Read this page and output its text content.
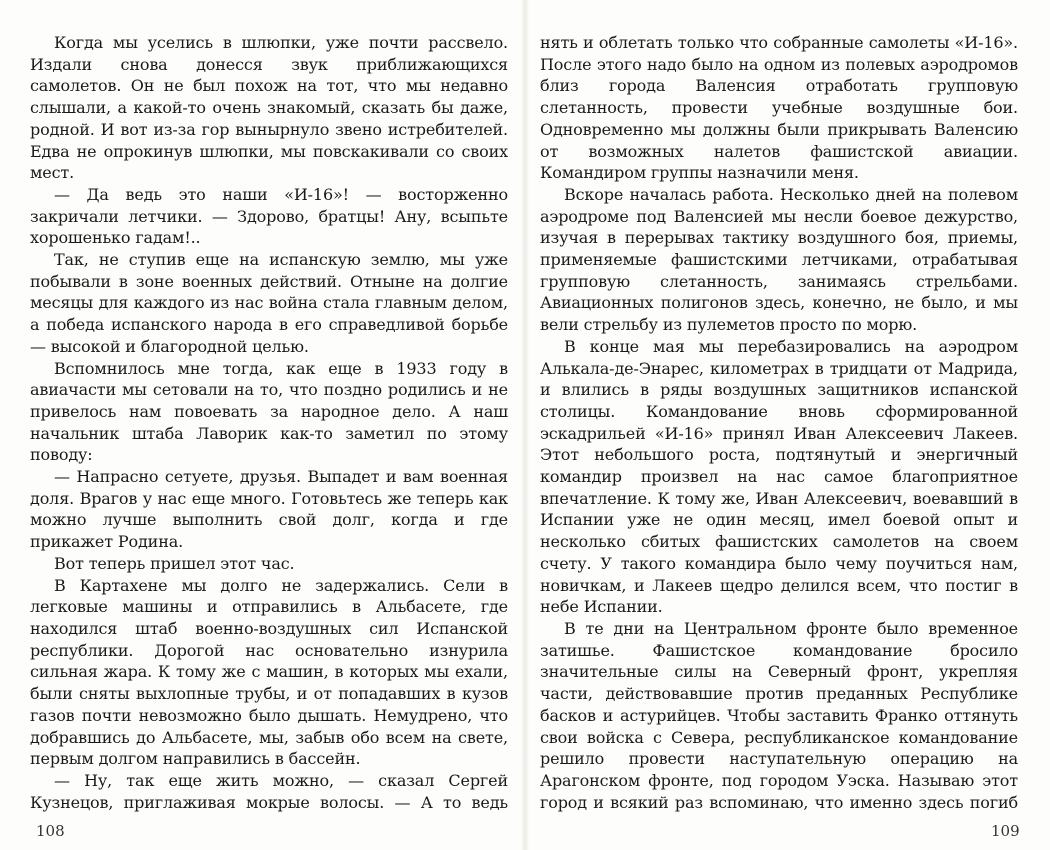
Когда мы уселись в шлюпки, уже почти рассвело. Издали снова донесся звук приближающихся самолетов. Он не был похож на тот, что мы недавно слышали, а какой-то очень знакомый, сказать бы даже, родной. И вот из-за гор вынырнуло звено истребителей. Едва не опрокинув шлюпки, мы повскакивали со своих мест.

— Да ведь это наши «И-16»! — восторженно закричали летчики. — Здорово, братцы! Ану, всыпьте хорошенько гадам!..

Так, не ступив еще на испанскую землю, мы уже побывали в зоне военных действий. Отныне на долгие месяцы для каждого из нас война стала главным делом, а победа испанского народа в его справедливой борьбе — высокой и благородной целью.

Вспомнилось мне тогда, как еще в 1933 году в авиачасти мы сетовали на то, что поздно родились и не привелось нам повоевать за народное дело. А наш начальник штаба Лаворик как-то заметил по этому поводу:

— Напрасно сетуете, друзья. Выпадет и вам военная доля. Врагов у нас еще много. Готовьтесь же теперь как можно лучше выполнить свой долг, когда и где прикажет Родина.

Вот теперь пришел этот час.

В Картахене мы долго не задержались. Сели в легковые машины и отправились в Альбасете, где находился штаб военно-воздушных сил Испанской республики. Дорогой нас основательно изнурила сильная жара. К тому же с машин, в которых мы ехали, были сняты выхлопные трубы, и от попадавших в кузов газов почти невозможно было дышать. Немудрено, что добравшись до Альбасете, мы, забыв обо всем на свете, первым долгом направились в бассейн.

— Ну, так еще жить можно, — сказал Сергей Кузнецов, приглаживая мокрые волосы. — А то ведь

нять и облетать только что собранные самолеты «И-16». После этого надо было на одном из полевых аэродромов близ города Валенсия отработать групповую слетанность, провести учебные воздушные бои. Одновременно мы должны были прикрывать Валенсию от возможных налетов фашистской авиации. Командиром группы назначили меня.

Вскоре началась работа. Несколько дней на полевом аэродроме под Валенсией мы несли боевое дежурство, изучая в перерывах тактику воздушного боя, приемы, применяемые фашистскими летчиками, отрабатывая групповую слетанность, занимаясь стрельбами. Авиационных полигонов здесь, конечно, не было, и мы вели стрельбу из пулеметов просто по морю.

В конце мая мы перебазировались на аэродром Алькала-де-Энарес, километрах в тридцати от Мадрида, и влились в ряды воздушных защитников испанской столицы. Командование вновь сформированной эскадрильей «И-16» принял Иван Алексеевич Лакеев. Этот небольшого роста, подтянутый и энергичный командир произвел на нас самое благоприятное впечатление. К тому же, Иван Алексеевич, воевавший в Испании уже не один месяц, имел боевой опыт и несколько сбитых фашистских самолетов на своем счету. У такого командира было чему поучиться нам, новичкам, и Лакеев щедро делился всем, что постиг в небе Испании.

В те дни на Центральном фронте было временное затишье. Фашистское командование бросило значительные силы на Северный фронт, укрепляя части, действовавшие против преданных Республике басков и астурийцев. Чтобы заставить Франко оттянуть свои войска с Севера, республиканское командование решило провести наступательную операцию на Арагонском фронте, под городом Уэска. Называю этот город и всякий раз вспоминаю, что именно здесь погиб

108	109
